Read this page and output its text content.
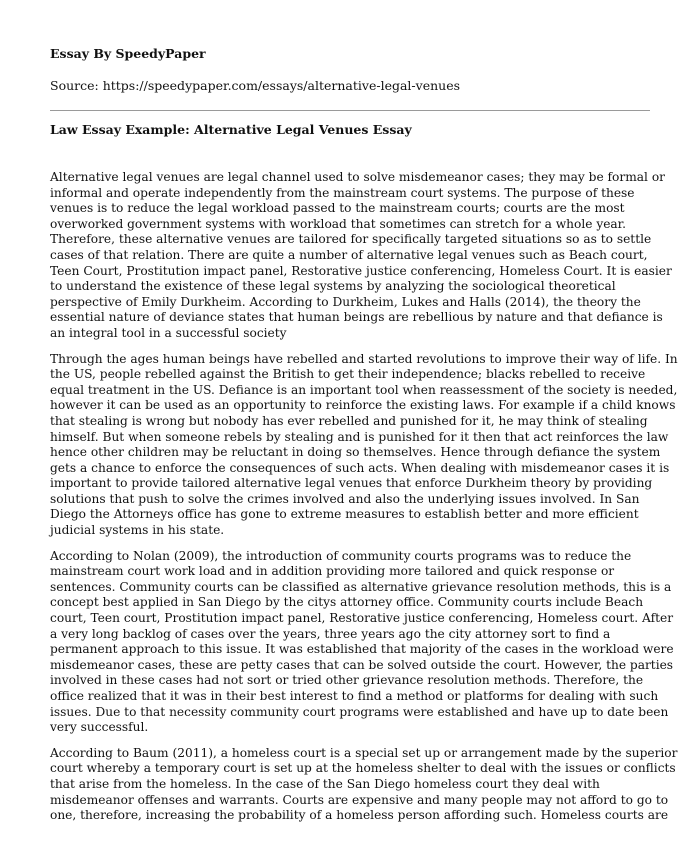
Essay By SpeedyPaper
Source: https://speedypaper.com/essays/alternative-legal-venues
Law Essay Example: Alternative Legal Venues Essay

Alternative legal venues are legal channel used to solve misdemeanor cases; they may be formal or
informal and operate independently from the mainstream court systems. The purpose of these
venues is to reduce the legal workload passed to the mainstream courts; courts are the most
overworked government systems with workload that sometimes can stretch for a whole year.
Therefore, these alternative venues are tailored for specifically targeted situations so as to settle
cases of that relation. There are quite a number of alternative legal venues such as Beach court,
Teen Court, Prostitution impact panel, Restorative justice conferencing, Homeless Court. It is easier
to understand the existence of these legal systems by analyzing the sociological theoretical
perspective of Emily Durkheim. According to Durkheim, Lukes and Halls (2014), the theory the
essential nature of deviance states that human beings are rebellious by nature and that defiance is
an integral tool in a successful society

Through the ages human beings have rebelled and started revolutions to improve their way of life. In
the US, people rebelled against the British to get their independence; blacks rebelled to receive
equal treatment in the US. Defiance is an important tool when reassessment of the society is needed,
however it can be used as an opportunity to reinforce the existing laws. For example if a child knows
that stealing is wrong but nobody has ever rebelled and punished for it, he may think of stealing
himself. But when someone rebels by stealing and is punished for it then that act reinforces the law
hence other children may be reluctant in doing so themselves. Hence through defiance the system
gets a chance to enforce the consequences of such acts. When dealing with misdemeanor cases it is
important to provide tailored alternative legal venues that enforce Durkheim theory by providing
solutions that push to solve the crimes involved and also the underlying issues involved. In San
Diego the Attorneys office has gone to extreme measures to establish better and more efficient
judicial systems in his state.

According to Nolan (2009), the introduction of community courts programs was to reduce the
mainstream court work load and in addition providing more tailored and quick response or
sentences. Community courts can be classified as alternative grievance resolution methods, this is a
concept best applied in San Diego by the citys attorney office. Community courts include Beach
court, Teen court, Prostitution impact panel, Restorative justice conferencing, Homeless court. After
a very long backlog of cases over the years, three years ago the city attorney sort to find a
permanent approach to this issue. It was established that majority of the cases in the workload were
misdemeanor cases, these are petty cases that can be solved outside the court. However, the parties
involved in these cases had not sort or tried other grievance resolution methods. Therefore, the
office realized that it was in their best interest to find a method or platforms for dealing with such
issues. Due to that necessity community court programs were established and have up to date been
very successful.

According to Baum (2011), a homeless court is a special set up or arrangement made by the superior
court whereby a temporary court is set up at the homeless shelter to deal with the issues or conflicts
that arise from the homeless. In the case of the San Diego homeless court they deal with
misdemeanor offenses and warrants. Courts are expensive and many people may not afford to go to
one, therefore, increasing the probability of a homeless person affording such. Homeless courts are
